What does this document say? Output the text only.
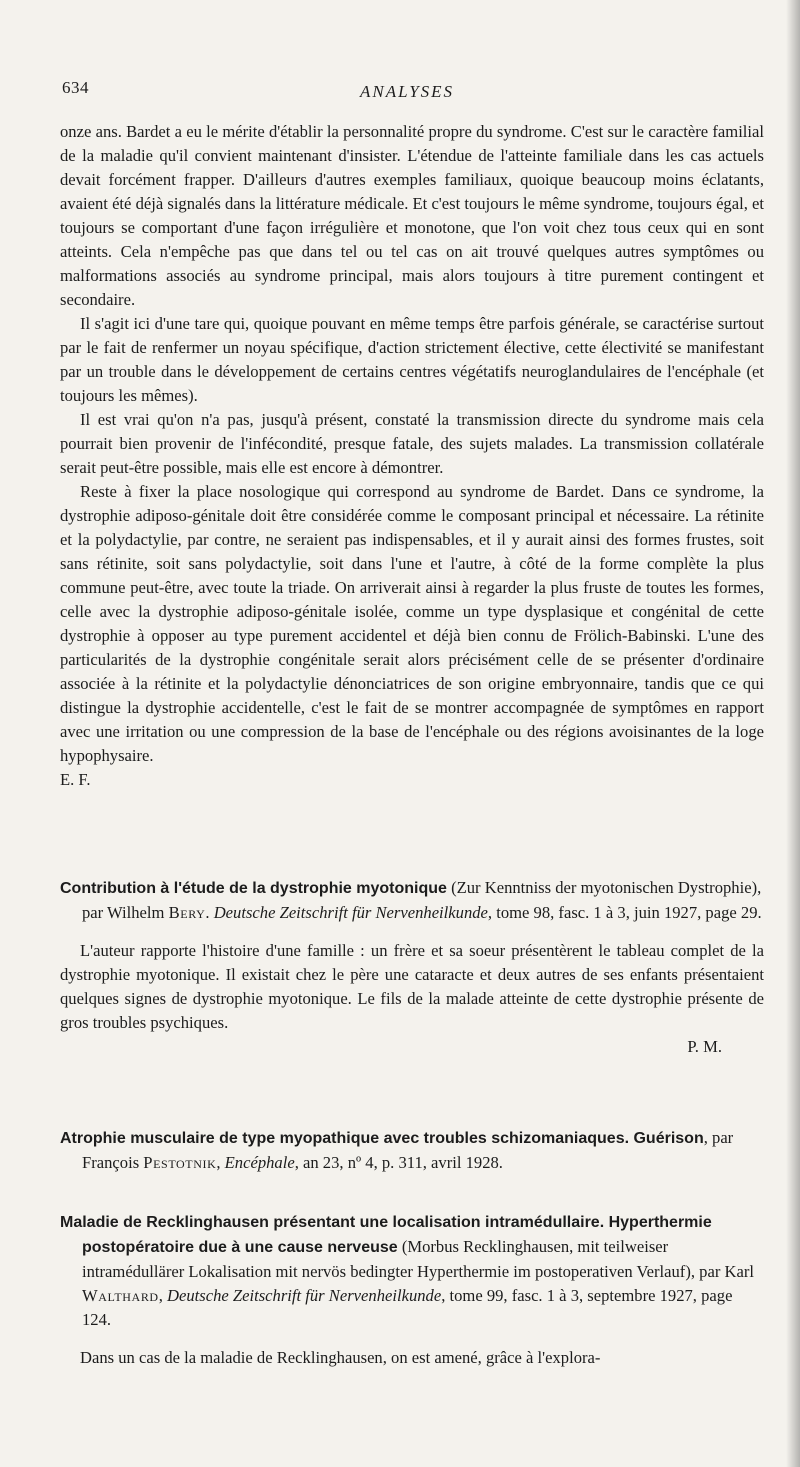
634	ANALYSES

onze ans. Bardet a eu le mérite d'établir la personnalité propre du syndrome. C'est sur le caractère familial de la maladie qu'il convient maintenant d'insister. L'étendue de l'atteinte familiale dans les cas actuels devait forcément frapper. D'ailleurs d'autres exemples familiaux, quoique beaucoup moins éclatants, avaient été déjà signalés dans la littérature médicale. Et c'est toujours le même syndrome, toujours égal, et toujours se comportant d'une façon irrégulière et monotone, que l'on voit chez tous ceux qui en sont atteints. Cela n'empêche pas que dans tel ou tel cas on ait trouvé quelques autres symptômes ou malformations associés au syndrome principal, mais alors toujours à titre purement contingent et secondaire.

Il s'agit ici d'une tare qui, quoique pouvant en même temps être parfois générale, se caractérise surtout par le fait de renfermer un noyau spécifique, d'action strictement élective, cette électivité se manifestant par un trouble dans le développement de certains centres végétatifs neuroglandulaires de l'encéphale (et toujours les mêmes).

Il est vrai qu'on n'a pas, jusqu'à présent, constaté la transmission directe du syndrome mais cela pourrait bien provenir de l'infécondité, presque fatale, des sujets malades. La transmission collatérale serait peut-être possible, mais elle est encore à démontrer.

Reste à fixer la place nosologique qui correspond au syndrome de Bardet. Dans ce syndrome, la dystrophie adiposo-génitale doit être considérée comme le composant principal et nécessaire. La rétinite et la polydactylie, par contre, ne seraient pas indispensables, et il y aurait ainsi des formes frustes, soit sans rétinite, soit sans polydactylie, soit dans l'une et l'autre, à côté de la forme complète la plus commune peut-être, avec toute la triade. On arriverait ainsi à regarder la plus fruste de toutes les formes, celle avec la dystrophie adiposo-génitale isolée, comme un type dysplasique et congénital de cette dystrophie à opposer au type purement accidentel et déjà bien connu de Frölich-Babinski. L'une des particularités de la dystrophie congénitale serait alors précisément celle de se présenter d'ordinaire associée à la rétinite et la polydactylie dénonciatrices de son origine embryonnaire, tandis que ce qui distingue la dystrophie accidentelle, c'est le fait de se montrer accompagnée de symptômes en rapport avec une irritation ou une compression de la base de l'encéphale ou des régions avoisinantes de la loge hypophysaire.

E. F.

Contribution à l'étude de la dystrophie myotonique (Zur Kenntniss der myotonischen Dystrophie), par Wilhelm Bery. Deutsche Zeitschrift für Nervenheilkunde, tome 98, fasc. 1 à 3, juin 1927, page 29.

L'auteur rapporte l'histoire d'une famille : un frère et sa soeur présentèrent le tableau complet de la dystrophie myotonique. Il existait chez le père une cataracte et deux autres de ses enfants présentaient quelques signes de dystrophie myotonique. Le fils de la malade atteinte de cette dystrophie présente de gros troubles psychiques.

P. M.

Atrophie musculaire de type myopathique avec troubles schizomaniaques. Guérison, par François Pestotnik, Encéphale, an 23, nº 4, p. 311, avril 1928.

Maladie de Recklinghausen présentant une localisation intramédullaire. Hyperthermie postopératoire due à une cause nerveuse (Morbus Recklinghausen, mit teilweiser intramédullärer Lokalisation mit nervös bedingter Hyperthermie im postoperativen Verlauf), par Karl Walthard, Deutsche Zeitschrift für Nervenheilkunde, tome 99, fasc. 1 à 3, septembre 1927, page 124.

Dans un cas de la maladie de Recklinghausen, on est amené, grâce à l'explora-
